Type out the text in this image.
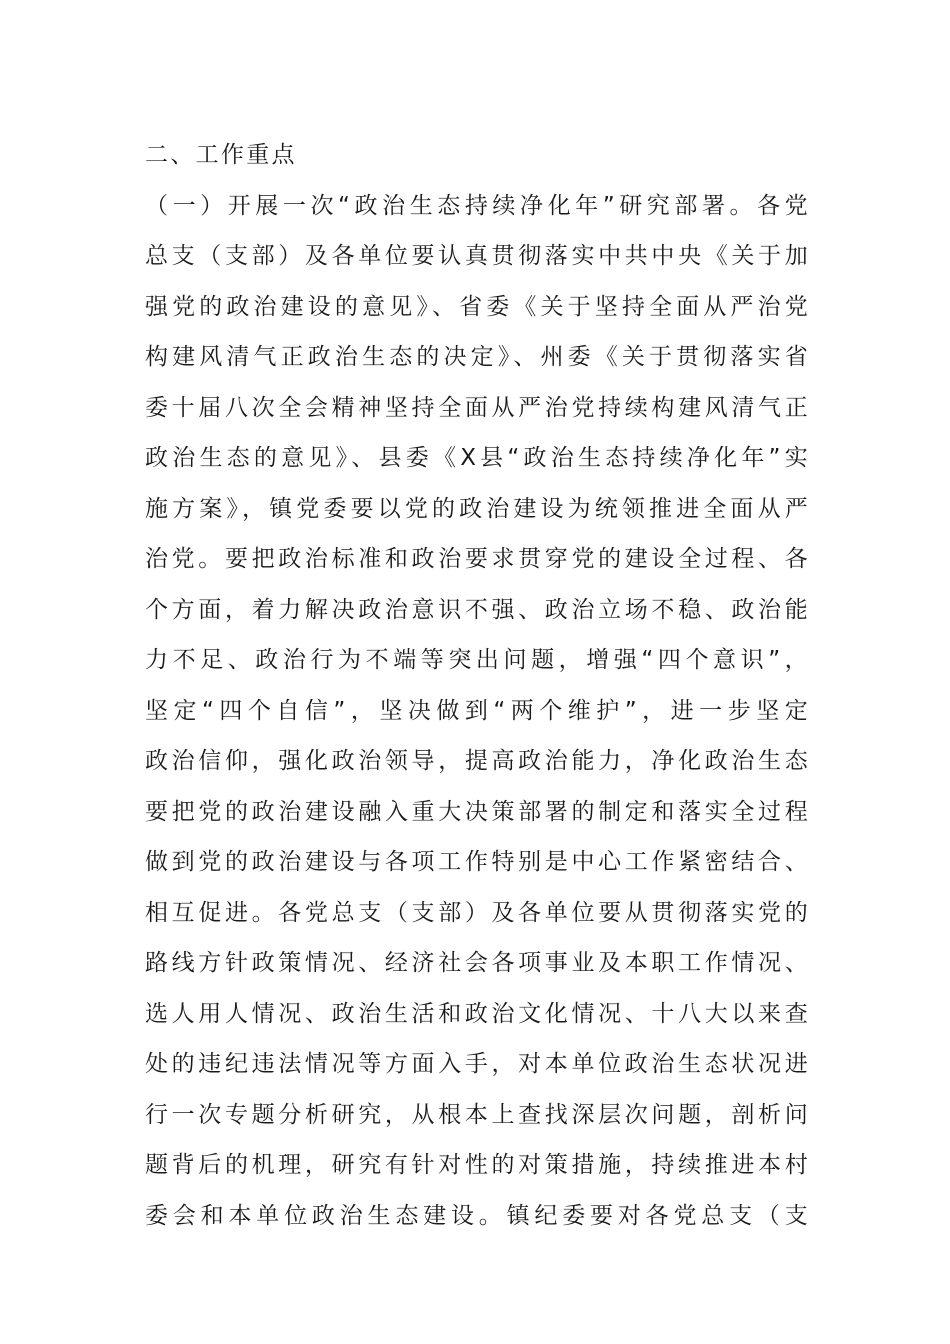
二、工作重点
（一）开展一次“政治生态持续净化年”研究部署。各党
总支（支部）及各单位要认真贯彻落实中共中央《关于加
强党的政治建设的意见》、省委《关于坚持全面从严治党
构建风清气正政治生态的决定》、州委《关于贯彻落实省
委十届八次全会精神坚持全面从严治党持续构建风清气正
政治生态的意见》、县委《X县“政治生态持续净化年”实
施方案》，镇党委要以党的政治建设为统领推进全面从严
治党。要把政治标准和政治要求贯穿党的建设全过程、各
个方面，着力解决政治意识不强、政治立场不稳、政治能
力不足、政治行为不端等突出问题，增强“四个意识”，
坚定“四个自信”，坚决做到“两个维护”，进一步坚定
政治信仰，强化政治领导，提高政治能力，净化政治生态
要把党的政治建设融入重大决策部署的制定和落实全过程
做到党的政治建设与各项工作特别是中心工作紧密结合、
相互促进。各党总支（支部）及各单位要从贯彻落实党的
路线方针政策情况、经济社会各项事业及本职工作情况、
选人用人情况、政治生活和政治文化情况、十八大以来查
处的违纪违法情况等方面入手，对本单位政治生态状况进
行一次专题分析研究，从根本上查找深层次问题，剖析问
题背后的机理，研究有针对性的对策措施，持续推进本村
委会和本单位政治生态建设。镇纪委要对各党总支（支
